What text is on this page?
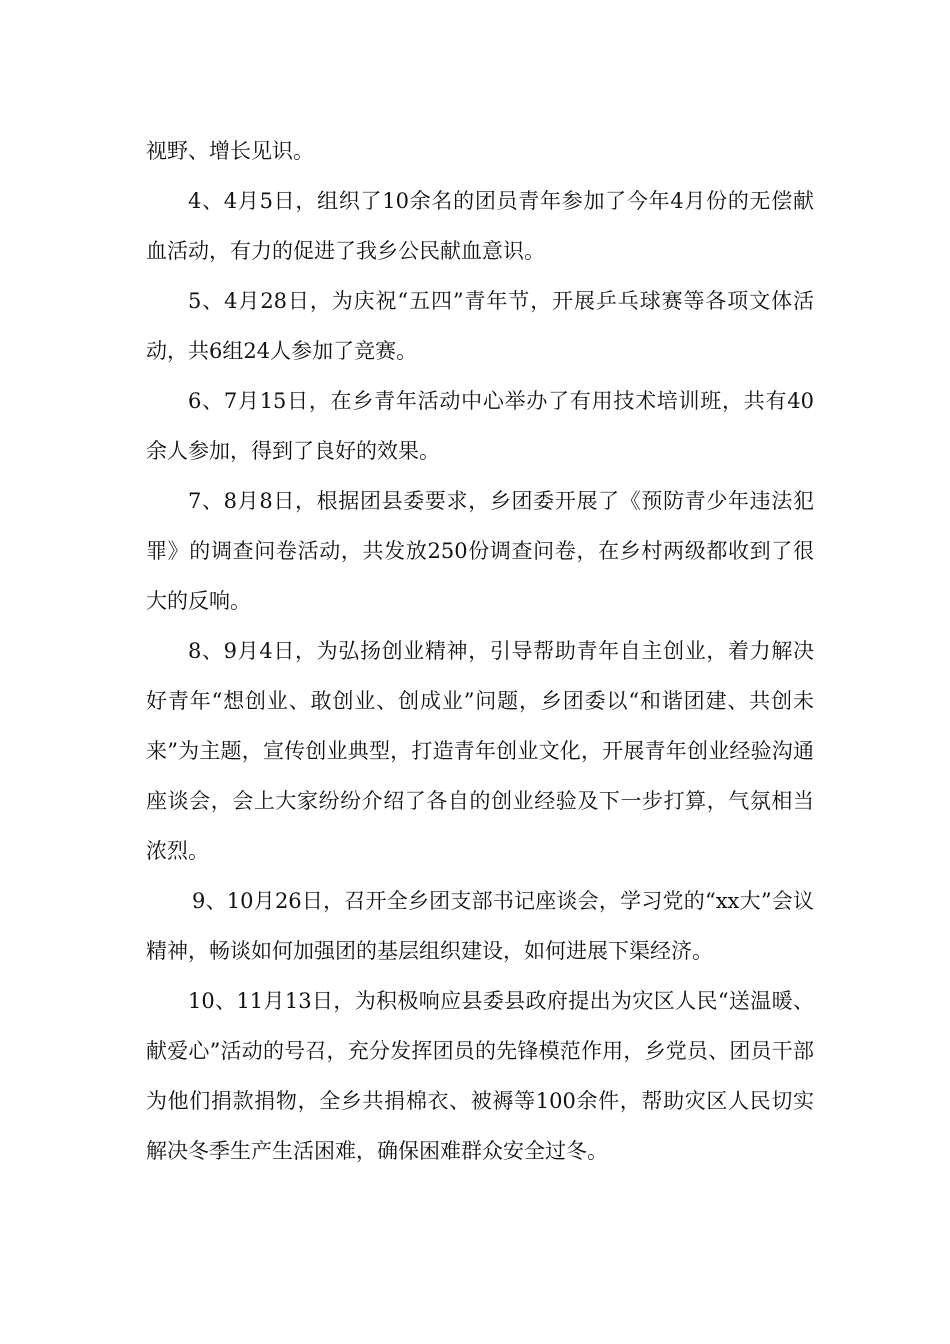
视野、增长见识。

4、4月5日，组织了10余名的团员青年参加了今年4月份的无偿献血活动，有力的促进了我乡公民献血意识。

5、4月28日，为庆祝“五四”青年节，开展乒乓球赛等各项文体活动，共6组24人参加了竞赛。

6、7月15日，在乡青年活动中心举办了有用技术培训班，共有40余人参加，得到了良好的效果。

7、8月8日，根据团县委要求，乡团委开展了《预防青少年违法犯罪》的调查问卷活动，共发放250份调查问卷，在乡村两级都收到了很大的反响。

8、9月4日，为弘扬创业精神，引导帮助青年自主创业，着力解决好青年“想创业、敢创业、创成业”问题，乡团委以“和谐团建、共创未来”为主题，宣传创业典型，打造青年创业文化，开展青年创业经验沟通座谈会，会上大家纷纷介绍了各自的创业经验及下一步打算，气氛相当浓烈。

9、10月26日，召开全乡团支部书记座谈会，学习党的“xx大”会议精神，畅谈如何加强团的基层组织建设，如何进展下渠经济。

10、11月13日，为积极响应县委县政府提出为灾区人民“送温暖、献爱心”活动的号召，充分发挥团员的先锋模范作用，乡党员、团员干部为他们捐款捐物，全乡共捐棉衣、被褥等100余件，帮助灾区人民切实解决冬季生产生活困难，确保困难群众安全过冬。
